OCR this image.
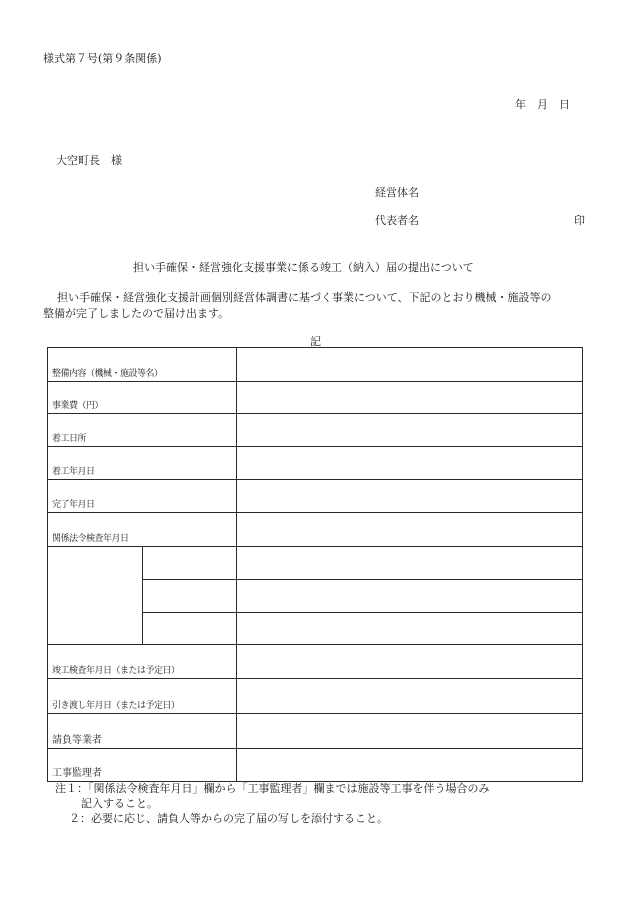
様式第７号(第９条関係)
年　月　日
大空町長　様
経営体名
代表者名	印
担い手確保・経営強化支援事業に係る竣工（納入）届の提出について
担い手確保・経営強化支援計画個別経営体調書に基づく事業について、下記のとおり機械・施設等の
整備が完了しましたので届け出ます。
記
整備内容（機械・施設等名）		

事業費（円）		

着工日所		

着工年月日		

完了年月日		

関係法令検査年月日		

竣工検査年月日（または予定日）		

引き渡し年月日（または予定日）		

請負等業者		

工事監理者		

注１：「関係法令検査年月日」欄から「工事監理者」欄までは施設等工事を伴う場合のみ
記入すること。
２：必要に応じ、請負人等からの完了届の写しを添付すること。
